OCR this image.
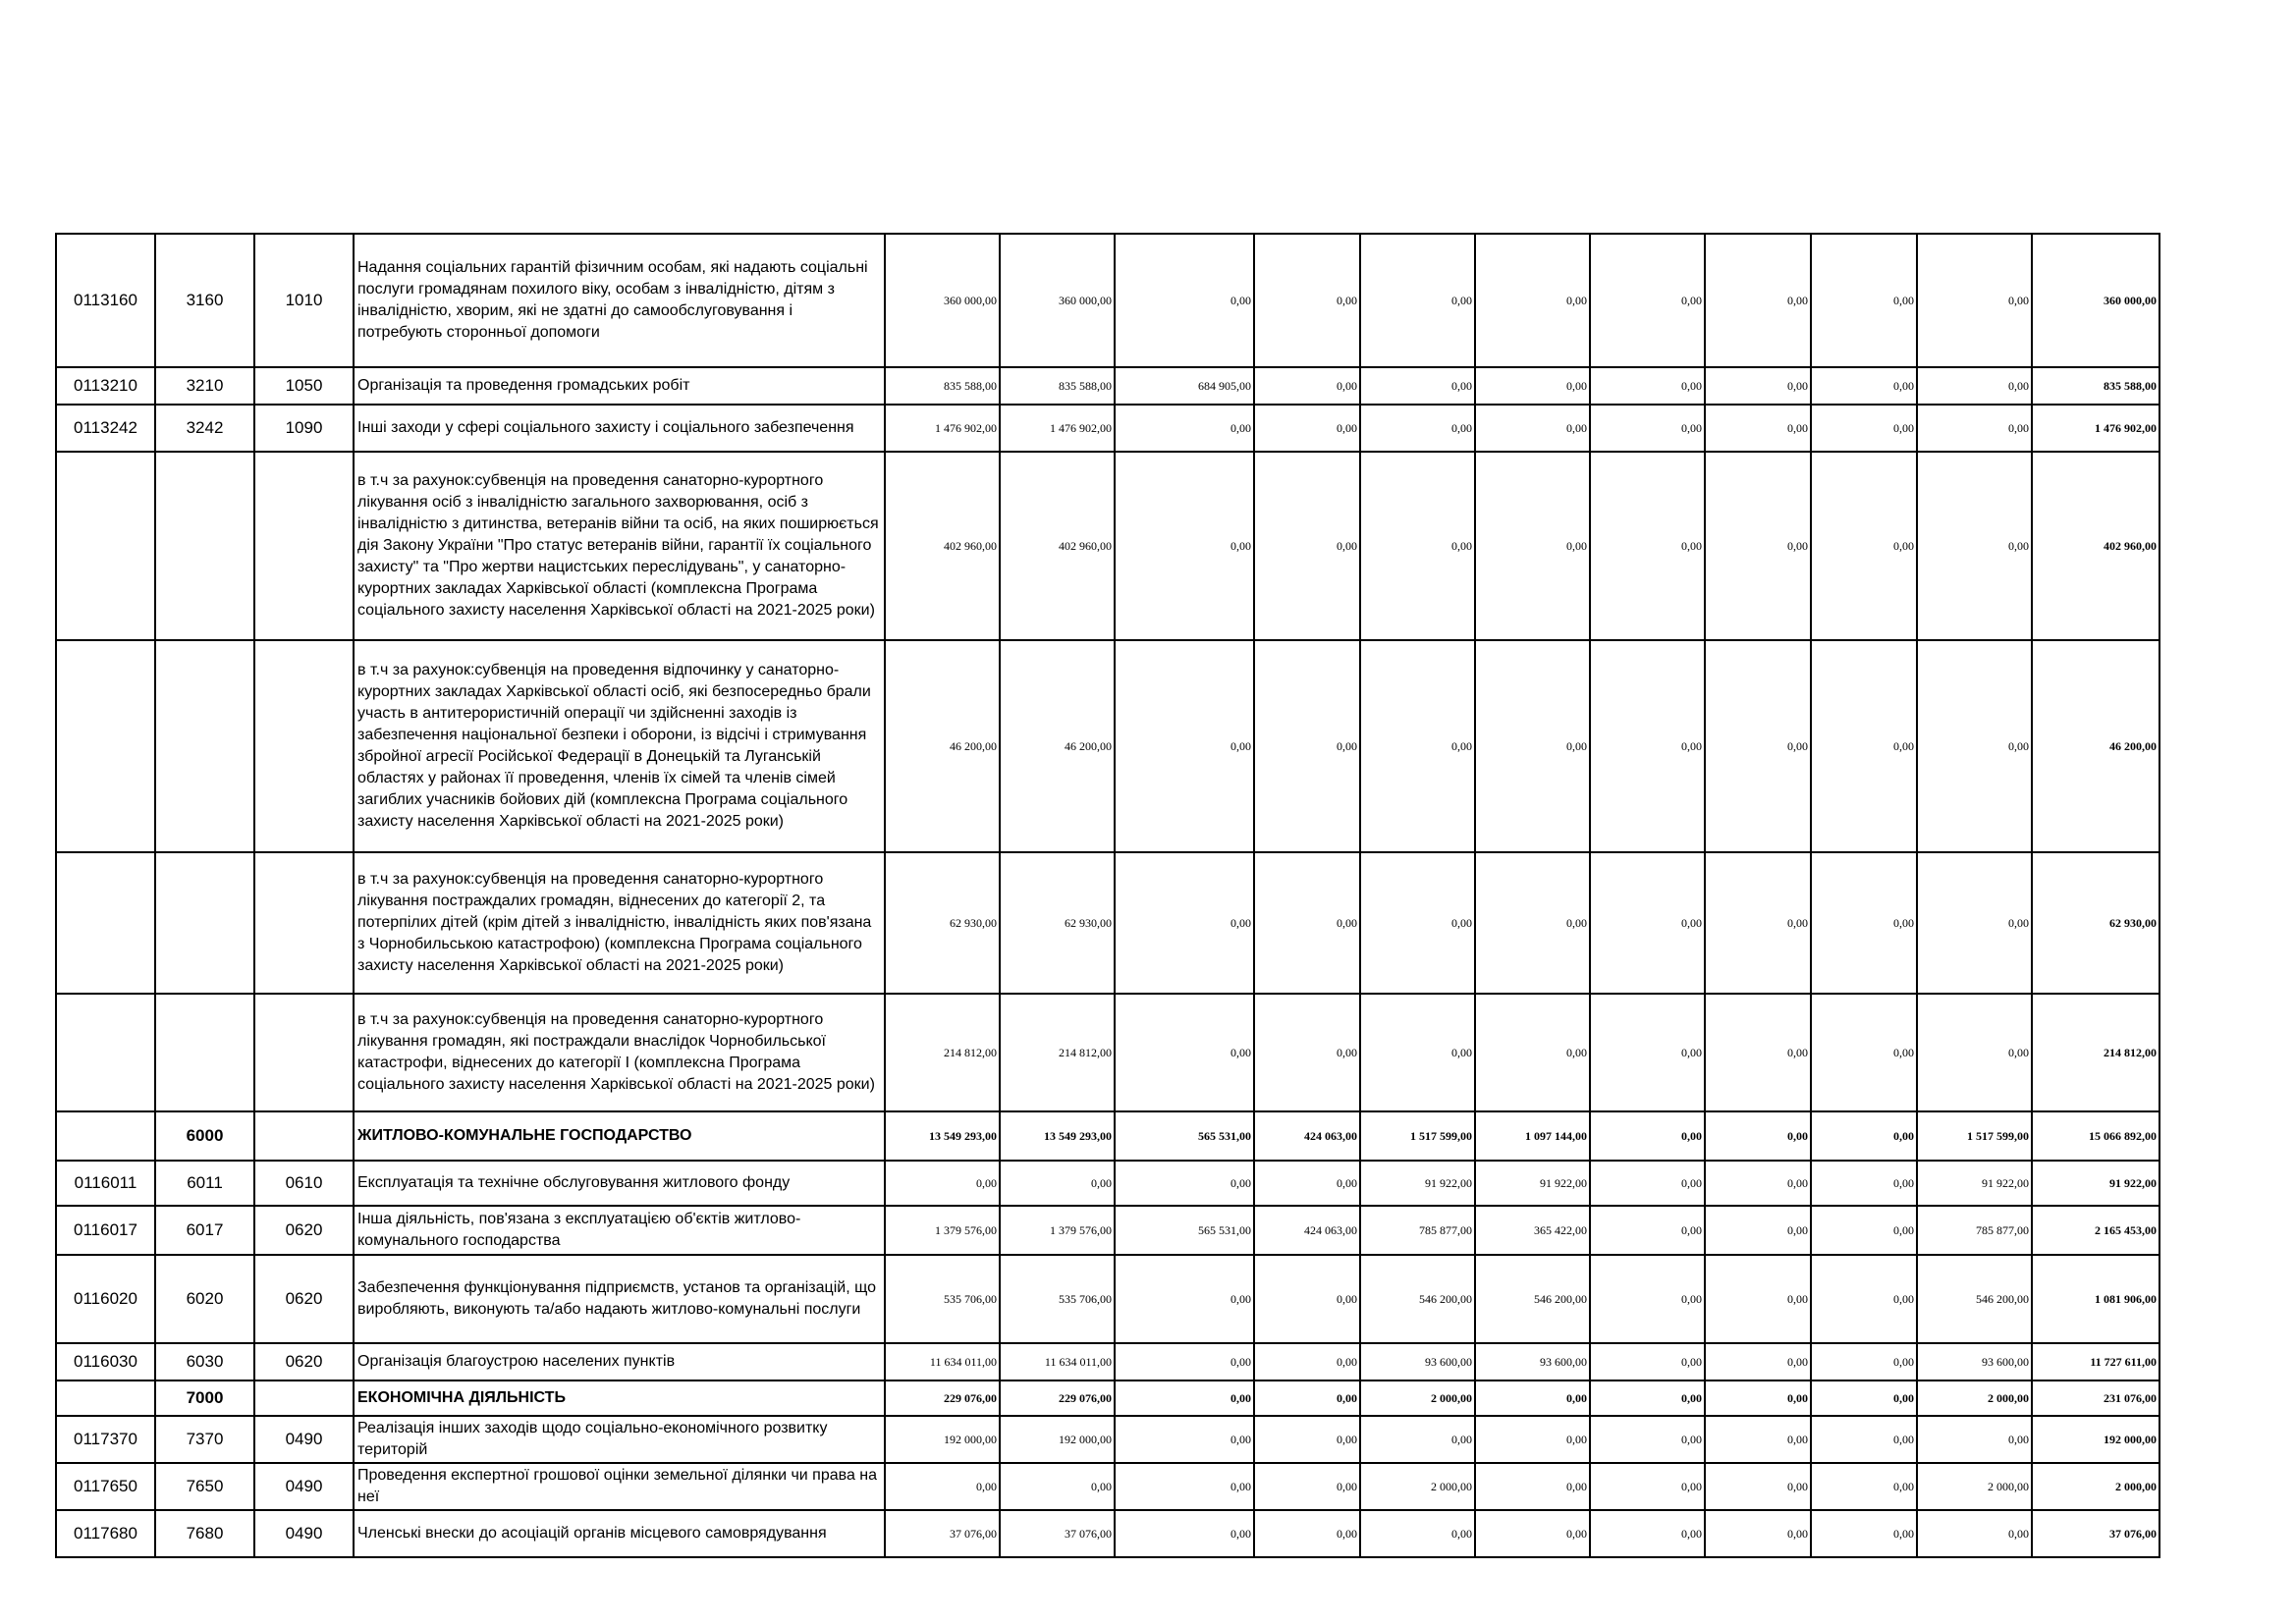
0113160	3160	1010	Надання соціальних гарантій фізичним особам, які надають соціальні послуги громадянам похилого віку, особам з інвалідністю, дітям з інвалідністю, хворим, які не здатні до самообслуговування і потребують сторонньої допомоги	360 000,00	360 000,00	0,00	0,00	0,00	0,00	0,00	0,00	0,00	0,00	360 000,00
0113210	3210	1050	Організація та проведення громадських робіт	835 588,00	835 588,00	684 905,00	0,00	0,00	0,00	0,00	0,00	0,00	0,00	835 588,00
0113242	3242	1090	Інші заходи у сфері соціального захисту і соціального забезпечення	1 476 902,00	1 476 902,00	0,00	0,00	0,00	0,00	0,00	0,00	0,00	0,00	1 476 902,00
			в т.ч за рахунок:субвенція на проведення санаторно-курортного лікування осіб з інвалідністю загального захворювання, осіб з інвалідністю з дитинства, ветеранів війни та осіб, на яких поширюється дія Закону України "Про статус ветеранів війни, гарантії їх соціального захисту" та "Про жертви нацистських переслідувань", у санаторно-курортних закладах Харківської області (комплексна Програма соціального захисту населення Харківської області на 2021-2025 роки)	402 960,00	402 960,00	0,00	0,00	0,00	0,00	0,00	0,00	0,00	0,00	402 960,00
			в т.ч за рахунок:субвенція на проведення відпочинку у санаторно-курортних закладах Харківської області осіб, які безпосередньо брали участь в антитерористичній операції чи здійсненні заходів із забезпечення національної безпеки і оборони, із відсічі і стримування збройної агресії Російської Федерації в Донецькій та Луганській областях у районах її проведення, членів їх сімей та членів сімей загиблих учасників бойових дій (комплексна Програма соціального захисту населення Харківської області на 2021-2025 роки)	46 200,00	46 200,00	0,00	0,00	0,00	0,00	0,00	0,00	0,00	0,00	46 200,00
			в т.ч за рахунок:субвенція на проведення санаторно-курортного лікування постраждалих громадян, віднесених до категорії 2, та потерпілих дітей (крім дітей з інвалідністю, інвалідність яких пов'язана з Чорнобильською катастрофою) (комплексна Програма соціального захисту населення Харківської області на 2021-2025 роки)	62 930,00	62 930,00	0,00	0,00	0,00	0,00	0,00	0,00	0,00	0,00	62 930,00
			в т.ч за рахунок:субвенція на проведення санаторно-курортного лікування громадян, які постраждали внаслідок Чорнобильської катастрофи, віднесених до категорії І (комплексна Програма соціального захисту населення Харківської області на 2021-2025 роки)	214 812,00	214 812,00	0,00	0,00	0,00	0,00	0,00	0,00	0,00	0,00	214 812,00
	6000		ЖИТЛОВО-КОМУНАЛЬНЕ ГОСПОДАРСТВО	13 549 293,00	13 549 293,00	565 531,00	424 063,00	1 517 599,00	1 097 144,00	0,00	0,00	0,00	1 517 599,00	15 066 892,00
0116011	6011	0610	Експлуатація та технічне обслуговування житлового фонду	0,00	0,00	0,00	0,00	91 922,00	91 922,00	0,00	0,00	0,00	91 922,00	91 922,00
0116017	6017	0620	Інша діяльність, пов'язана з експлуатацією об'єктів житлово-комунального господарства	1 379 576,00	1 379 576,00	565 531,00	424 063,00	785 877,00	365 422,00	0,00	0,00	0,00	785 877,00	2 165 453,00
0116020	6020	0620	Забезпечення функціонування підприємств, установ та організацій, що виробляють, виконують та/або надають житлово-комунальні послуги	535 706,00	535 706,00	0,00	0,00	546 200,00	546 200,00	0,00	0,00	0,00	546 200,00	1 081 906,00
0116030	6030	0620	Організація благоустрою населених пунктів	11 634 011,00	11 634 011,00	0,00	0,00	93 600,00	93 600,00	0,00	0,00	0,00	93 600,00	11 727 611,00
	7000		ЕКОНОМІЧНА ДІЯЛЬНІСТЬ	229 076,00	229 076,00	0,00	0,00	2 000,00	0,00	0,00	0,00	0,00	2 000,00	231 076,00
0117370	7370	0490	Реалізація інших заходів щодо соціально-економічного розвитку територій	192 000,00	192 000,00	0,00	0,00	0,00	0,00	0,00	0,00	0,00	0,00	192 000,00
0117650	7650	0490	Проведення експертної грошової оцінки земельної ділянки чи права на неї	0,00	0,00	0,00	0,00	2 000,00	0,00	0,00	0,00	0,00	2 000,00	2 000,00
0117680	7680	0490	Членські внески до асоціацій органів місцевого самоврядування	37 076,00	37 076,00	0,00	0,00	0,00	0,00	0,00	0,00	0,00	0,00	37 076,00
